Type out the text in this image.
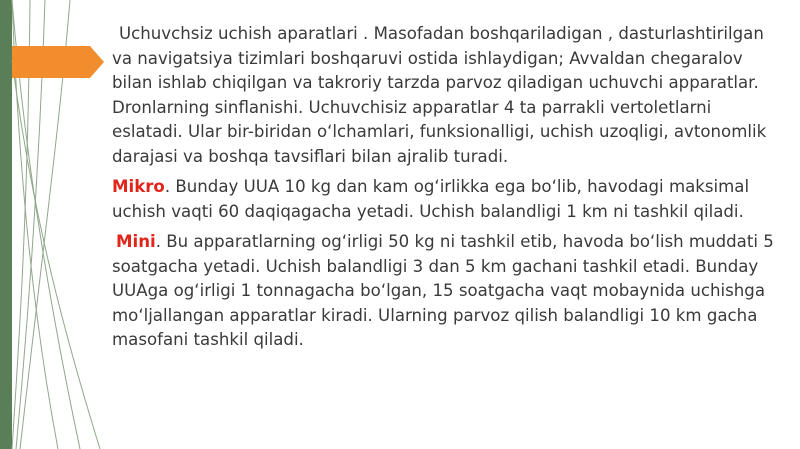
Uchuvchsiz uchish aparatlari . Masofadan boshqariladigan , dasturlashtirilgan va navigatsiya tizimlari boshqaruvi ostida ishlaydigan; Avvaldan chegaralov bilan ishlab chiqilgan va takroriy tarzda parvoz qiladigan uchuvchi apparatlar. Dronlarning sinflanishi. Uchuvchisiz apparatlar 4 ta parrakli vertoletlarni eslatadi. Ular bir-biridan o‘lchamlari, funksionalligi, uchish uzoqligi, avtonomlik darajasi va boshqa tavsiflari bilan ajralib turadi.

Mikro. Bunday UUA 10 kg dan kam og‘irlikka ega bo‘lib, havodagi maksimal uchish vaqti 60 daqiqagacha yetadi. Uchish balandligi 1 km ni tashkil qiladi.

Mini. Bu apparatlarning og‘irligi 50 kg ni tashkil etib, havoda bo‘lish muddati 5 soatgacha yetadi. Uchish balandligi 3 dan 5 km gachani tashkil etadi. Bunday UUAga og‘irligi 1 tonnagacha bo‘lgan, 15 soatgacha vaqt mobaynida uchishga mo‘ljallangan apparatlar kiradi. Ularning parvoz qilish balandligi 10 km gacha masofani tashkil qiladi.
